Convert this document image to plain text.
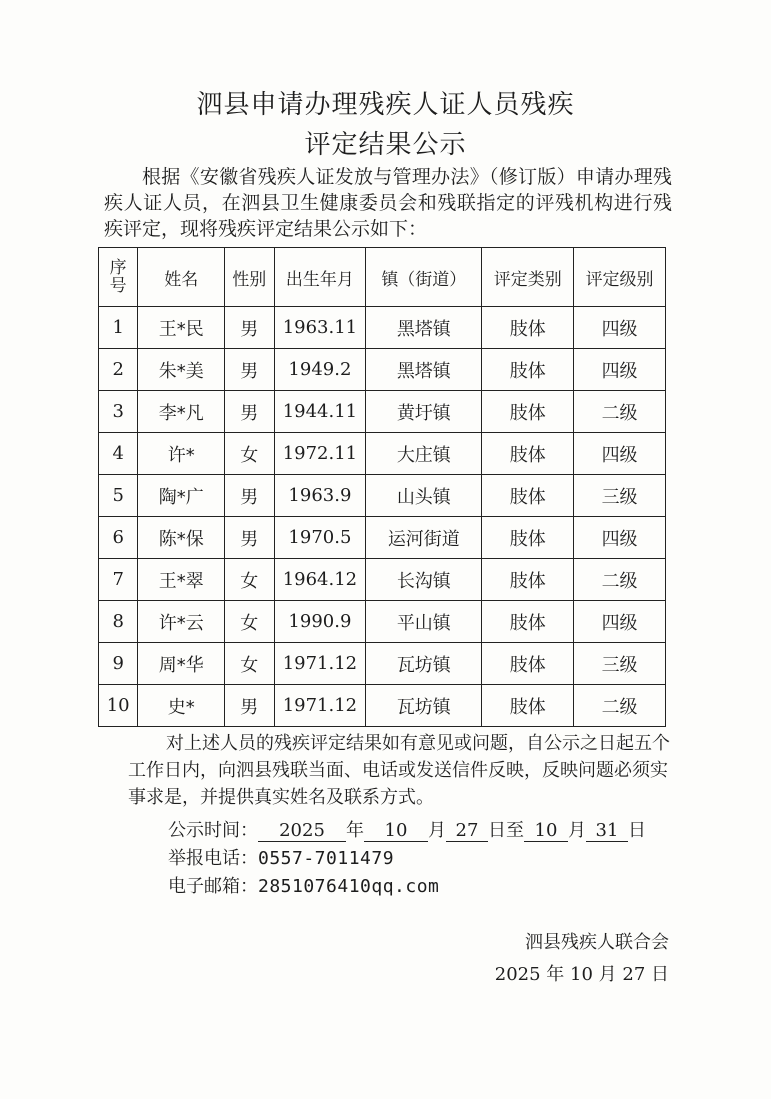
泗县申请办理残疾人证人员残疾
评定结果公示
根据《安徽省残疾人证发放与管理办法》（修订版）申请办理残疾人证人员，在泗县卫生健康委员会和残联指定的评残机构进行残疾评定，现将残疾评定结果公示如下：
序
号	姓名	性别	出生年月	镇（街道）	评定类别	评定级别
1	王*民	男	1963.11	黑塔镇	肢体	四级
2	朱*美	男	1949.2	黑塔镇	肢体	四级
3	李*凡	男	1944.11	黄圩镇	肢体	二级
4	许*	女	1972.11	大庄镇	肢体	四级
5	陶*广	男	1963.9	山头镇	肢体	三级
6	陈*保	男	1970.5	运河街道	肢体	四级
7	王*翠	女	1964.12	长沟镇	肢体	二级
8	许*云	女	1990.9	平山镇	肢体	四级
9	周*华	女	1971.12	瓦坊镇	肢体	三级
10	史*	男	1971.12	瓦坊镇	肢体	二级
对上述人员的残疾评定结果如有意见或问题，自公示之日起五个工作日内，向泗县残联当面、电话或发送信件反映，反映问题必须实事求是，并提供真实姓名及联系方式。
公示时间： 2025 年 10 月 27 日至 10 月 31 日
举报电话：0557-7011479
电子邮箱：2851076410qq.com
泗县残疾人联合会
2025 年 10 月 27 日
